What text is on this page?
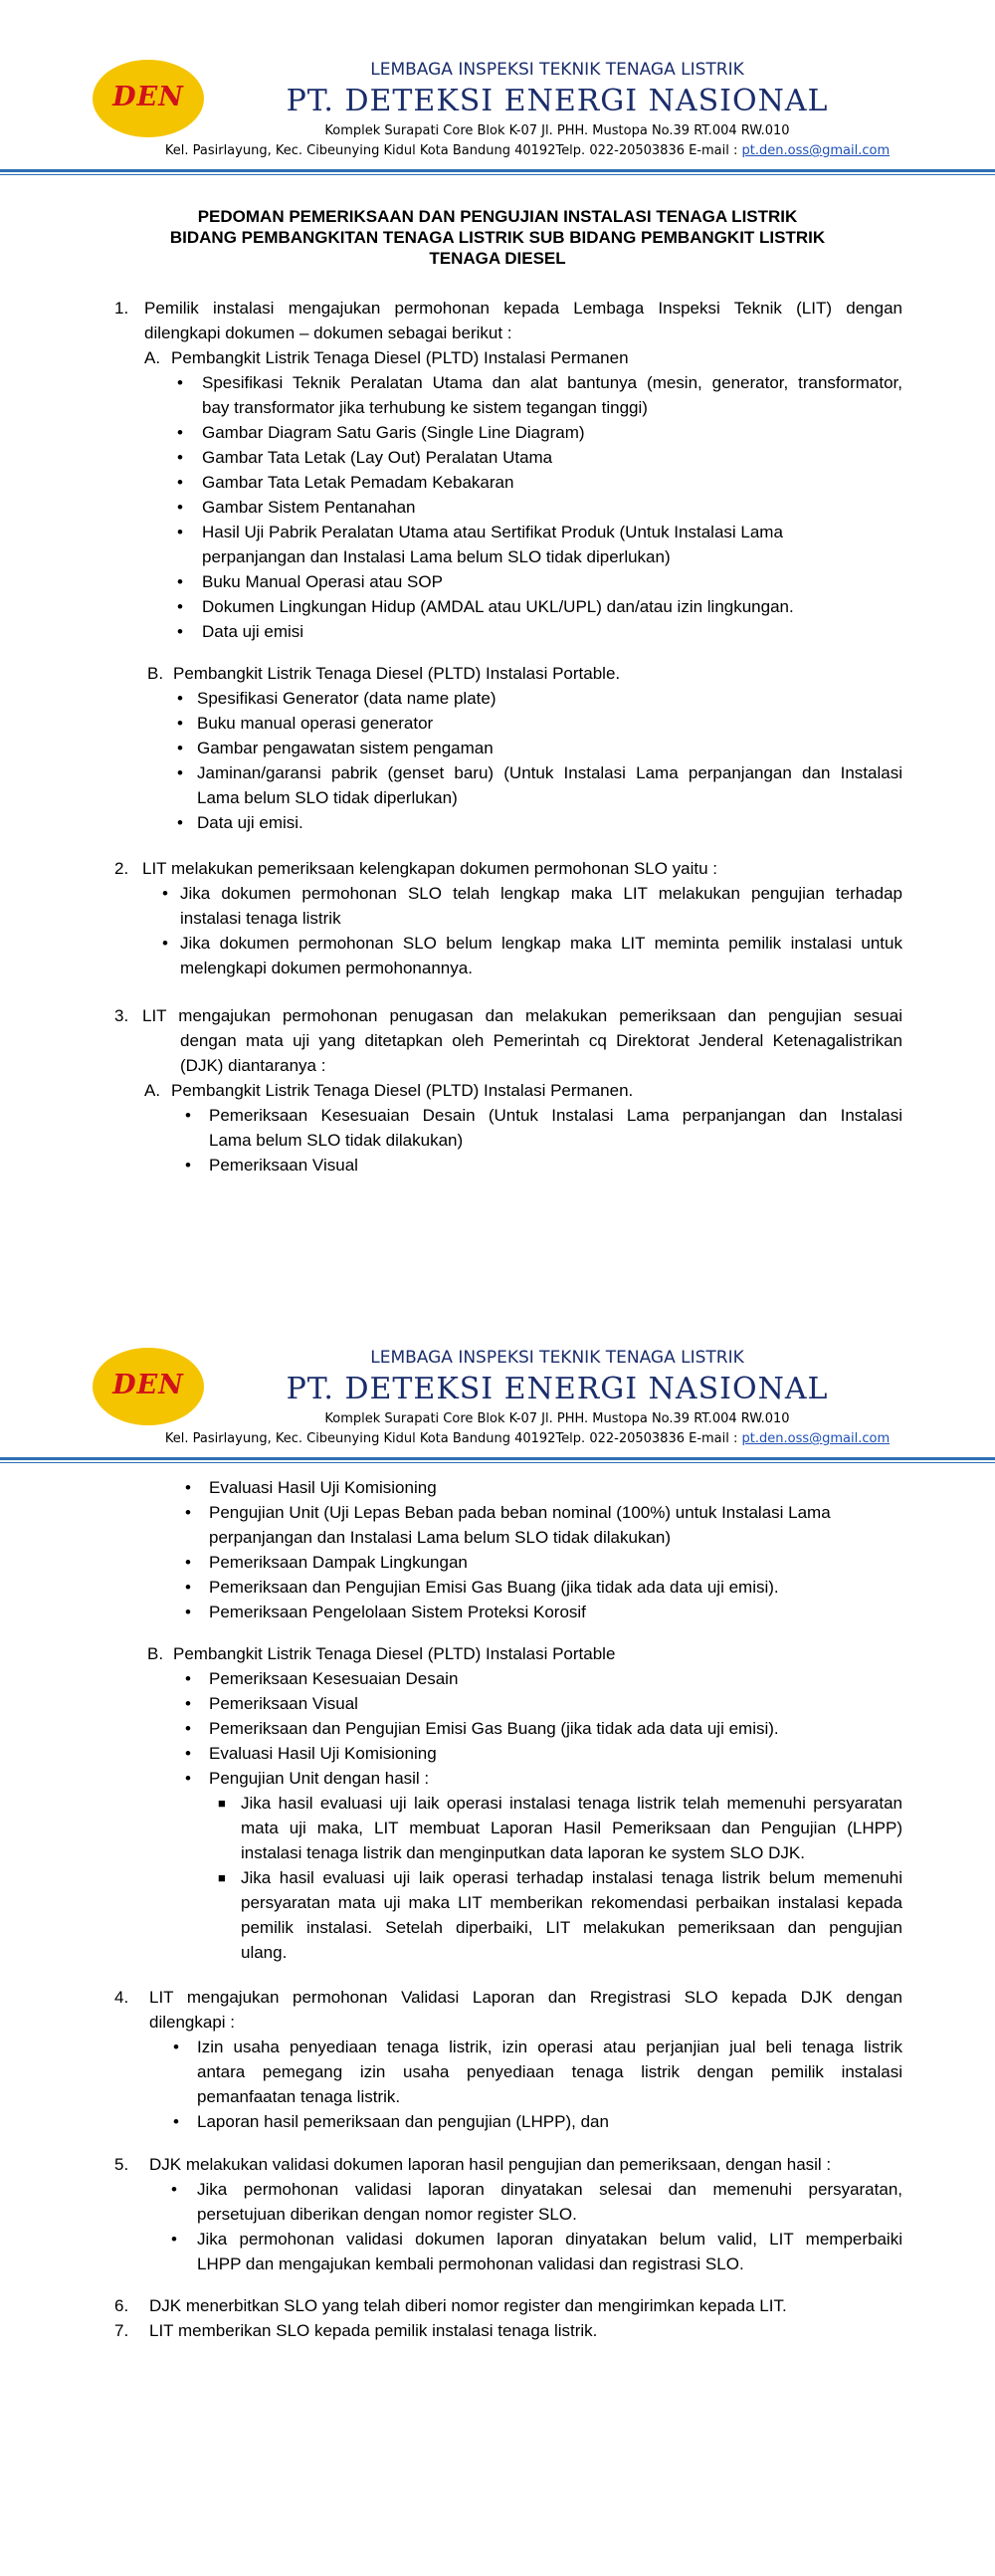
DEN
LEMBAGA INSPEKSI TEKNIK TENAGA LISTRIK
PT. DETEKSI ENERGI NASIONAL
Komplek Surapati Core Blok K-07 Jl. PHH. Mustopa No.39 RT.004 RW.010
Kel. Pasirlayung, Kec. Cibeunying Kidul Kota Bandung 40192Telp. 022-20503836 E-mail : pt.den.oss@gmail.com
PEDOMAN PEMERIKSAAN DAN PENGUJIAN INSTALASI TENAGA LISTRIK
BIDANG PEMBANGKITAN TENAGA LISTRIK SUB BIDANG PEMBANGKIT LISTRIK
TENAGA DIESEL
1. Pemilik instalasi mengajukan permohonan kepada Lembaga Inspeksi Teknik (LIT) dengan
dilengkapi dokumen – dokumen sebagai berikut :
A. Pembangkit Listrik Tenaga Diesel (PLTD) Instalasi Permanen
• Spesifikasi Teknik Peralatan Utama dan alat bantunya (mesin, generator, transformator,
bay transformator jika terhubung ke sistem tegangan tinggi)
• Gambar Diagram Satu Garis (Single Line Diagram)
• Gambar Tata Letak (Lay Out) Peralatan Utama
• Gambar Tata Letak Pemadam Kebakaran
• Gambar Sistem Pentanahan
• Hasil Uji Pabrik Peralatan Utama atau Sertifikat Produk (Untuk Instalasi Lama
perpanjangan dan Instalasi Lama belum SLO tidak diperlukan)
• Buku Manual Operasi atau SOP
• Dokumen Lingkungan Hidup (AMDAL atau UKL/UPL) dan/atau izin lingkungan.
• Data uji emisi
B. Pembangkit Listrik Tenaga Diesel (PLTD) Instalasi Portable.
• Spesifikasi Generator (data name plate)
• Buku manual operasi generator
• Gambar pengawatan sistem pengaman
• Jaminan/garansi pabrik (genset baru) (Untuk Instalasi Lama perpanjangan dan Instalasi
Lama belum SLO tidak diperlukan)
• Data uji emisi.
2. LIT melakukan pemeriksaan kelengkapan dokumen permohonan SLO yaitu :
• Jika dokumen permohonan SLO telah lengkap maka LIT melakukan pengujian terhadap
instalasi tenaga listrik
• Jika dokumen permohonan SLO belum lengkap maka LIT meminta pemilik instalasi untuk
melengkapi dokumen permohonannya.
3. LIT mengajukan permohonan penugasan dan melakukan pemeriksaan dan pengujian sesuai
dengan mata uji yang ditetapkan oleh Pemerintah cq Direktorat Jenderal Ketenagalistrikan
(DJK) diantaranya :
A. Pembangkit Listrik Tenaga Diesel (PLTD) Instalasi Permanen.
• Pemeriksaan Kesesuaian Desain (Untuk Instalasi Lama perpanjangan dan Instalasi
Lama belum SLO tidak dilakukan)
• Pemeriksaan Visual
DEN
LEMBAGA INSPEKSI TEKNIK TENAGA LISTRIK
PT. DETEKSI ENERGI NASIONAL
Komplek Surapati Core Blok K-07 Jl. PHH. Mustopa No.39 RT.004 RW.010
Kel. Pasirlayung, Kec. Cibeunying Kidul Kota Bandung 40192Telp. 022-20503836 E-mail : pt.den.oss@gmail.com
• Evaluasi Hasil Uji Komisioning
• Pengujian Unit (Uji Lepas Beban pada beban nominal (100%) untuk Instalasi Lama
perpanjangan dan Instalasi Lama belum SLO tidak dilakukan)
• Pemeriksaan Dampak Lingkungan
• Pemeriksaan dan Pengujian Emisi Gas Buang (jika tidak ada data uji emisi).
• Pemeriksaan Pengelolaan Sistem Proteksi Korosif
B. Pembangkit Listrik Tenaga Diesel (PLTD) Instalasi Portable
• Pemeriksaan Kesesuaian Desain
• Pemeriksaan Visual
• Pemeriksaan dan Pengujian Emisi Gas Buang (jika tidak ada data uji emisi).
• Evaluasi Hasil Uji Komisioning
• Pengujian Unit dengan hasil :
■ Jika hasil evaluasi uji laik operasi instalasi tenaga listrik telah memenuhi persyaratan
mata uji maka, LIT membuat Laporan Hasil Pemeriksaan dan Pengujian (LHPP)
instalasi tenaga listrik dan menginputkan data laporan ke system SLO DJK.
■ Jika hasil evaluasi uji laik operasi terhadap instalasi tenaga listrik belum memenuhi
persyaratan mata uji maka LIT memberikan rekomendasi perbaikan instalasi kepada
pemilik instalasi. Setelah diperbaiki, LIT melakukan pemeriksaan dan pengujian
ulang.
4. LIT mengajukan permohonan Validasi Laporan dan Rregistrasi SLO kepada DJK dengan
dilengkapi :
• Izin usaha penyediaan tenaga listrik, izin operasi atau perjanjian jual beli tenaga listrik
antara pemegang izin usaha penyediaan tenaga listrik dengan pemilik instalasi
pemanfaatan tenaga listrik.
• Laporan hasil pemeriksaan dan pengujian (LHPP), dan
5. DJK melakukan validasi dokumen laporan hasil pengujian dan pemeriksaan, dengan hasil :
• Jika permohonan validasi laporan dinyatakan selesai dan memenuhi persyaratan,
persetujuan diberikan dengan nomor register SLO.
• Jika permohonan validasi dokumen laporan dinyatakan belum valid, LIT memperbaiki
LHPP dan mengajukan kembali permohonan validasi dan registrasi SLO.
6. DJK menerbitkan SLO yang telah diberi nomor register dan mengirimkan kepada LIT.
7. LIT memberikan SLO kepada pemilik instalasi tenaga listrik.
